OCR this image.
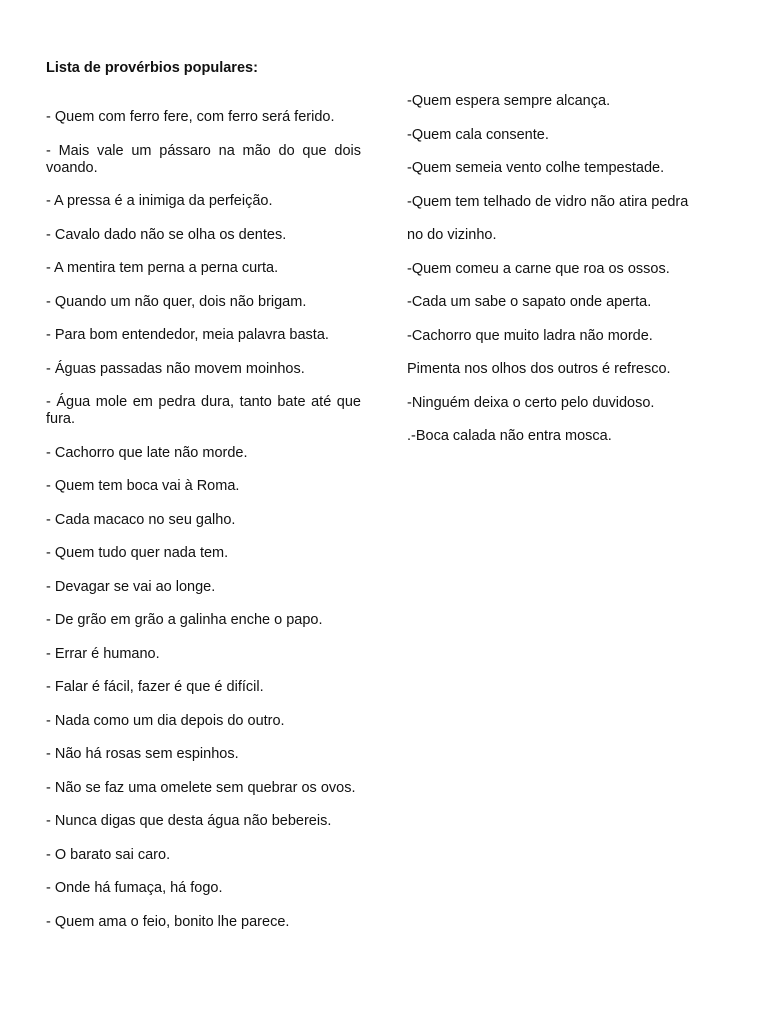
Lista de provérbios populares:
- Quem com ferro fere, com ferro será ferido.
- Mais vale um pássaro na mão do que dois voando.
- A pressa é a inimiga da perfeição.
- Cavalo dado não se olha os dentes.
- A mentira tem perna a perna curta.
- Quando um não quer, dois não brigam.
- Para bom entendedor, meia palavra basta.
- Águas passadas não movem moinhos.
- Água mole em pedra dura, tanto bate até que fura.
- Cachorro que late não morde.
- Quem tem boca vai à Roma.
- Cada macaco no seu galho.
- Quem tudo quer nada tem.
- Devagar se vai ao longe.
- De grão em grão a galinha enche o papo.
- Errar é humano.
- Falar é fácil, fazer é que é difícil.
- Nada como um dia depois do outro.
- Não há rosas sem espinhos.
- Não se faz uma omelete sem quebrar os ovos.
- Nunca digas que desta água não bebereis.
- O barato sai caro.
- Onde há fumaça, há fogo.
- Quem ama o feio, bonito lhe parece.
-Quem espera sempre alcança.
-Quem cala consente.
-Quem semeia vento colhe tempestade.
-Quem tem telhado de vidro não atira pedra
no do vizinho.
-Quem comeu a carne que roa os ossos.
-Cada um sabe o sapato onde aperta.
-Cachorro que muito ladra não morde.
Pimenta nos olhos dos outros é refresco.
-Ninguém deixa o certo pelo duvidoso.
.-Boca calada não entra mosca.
